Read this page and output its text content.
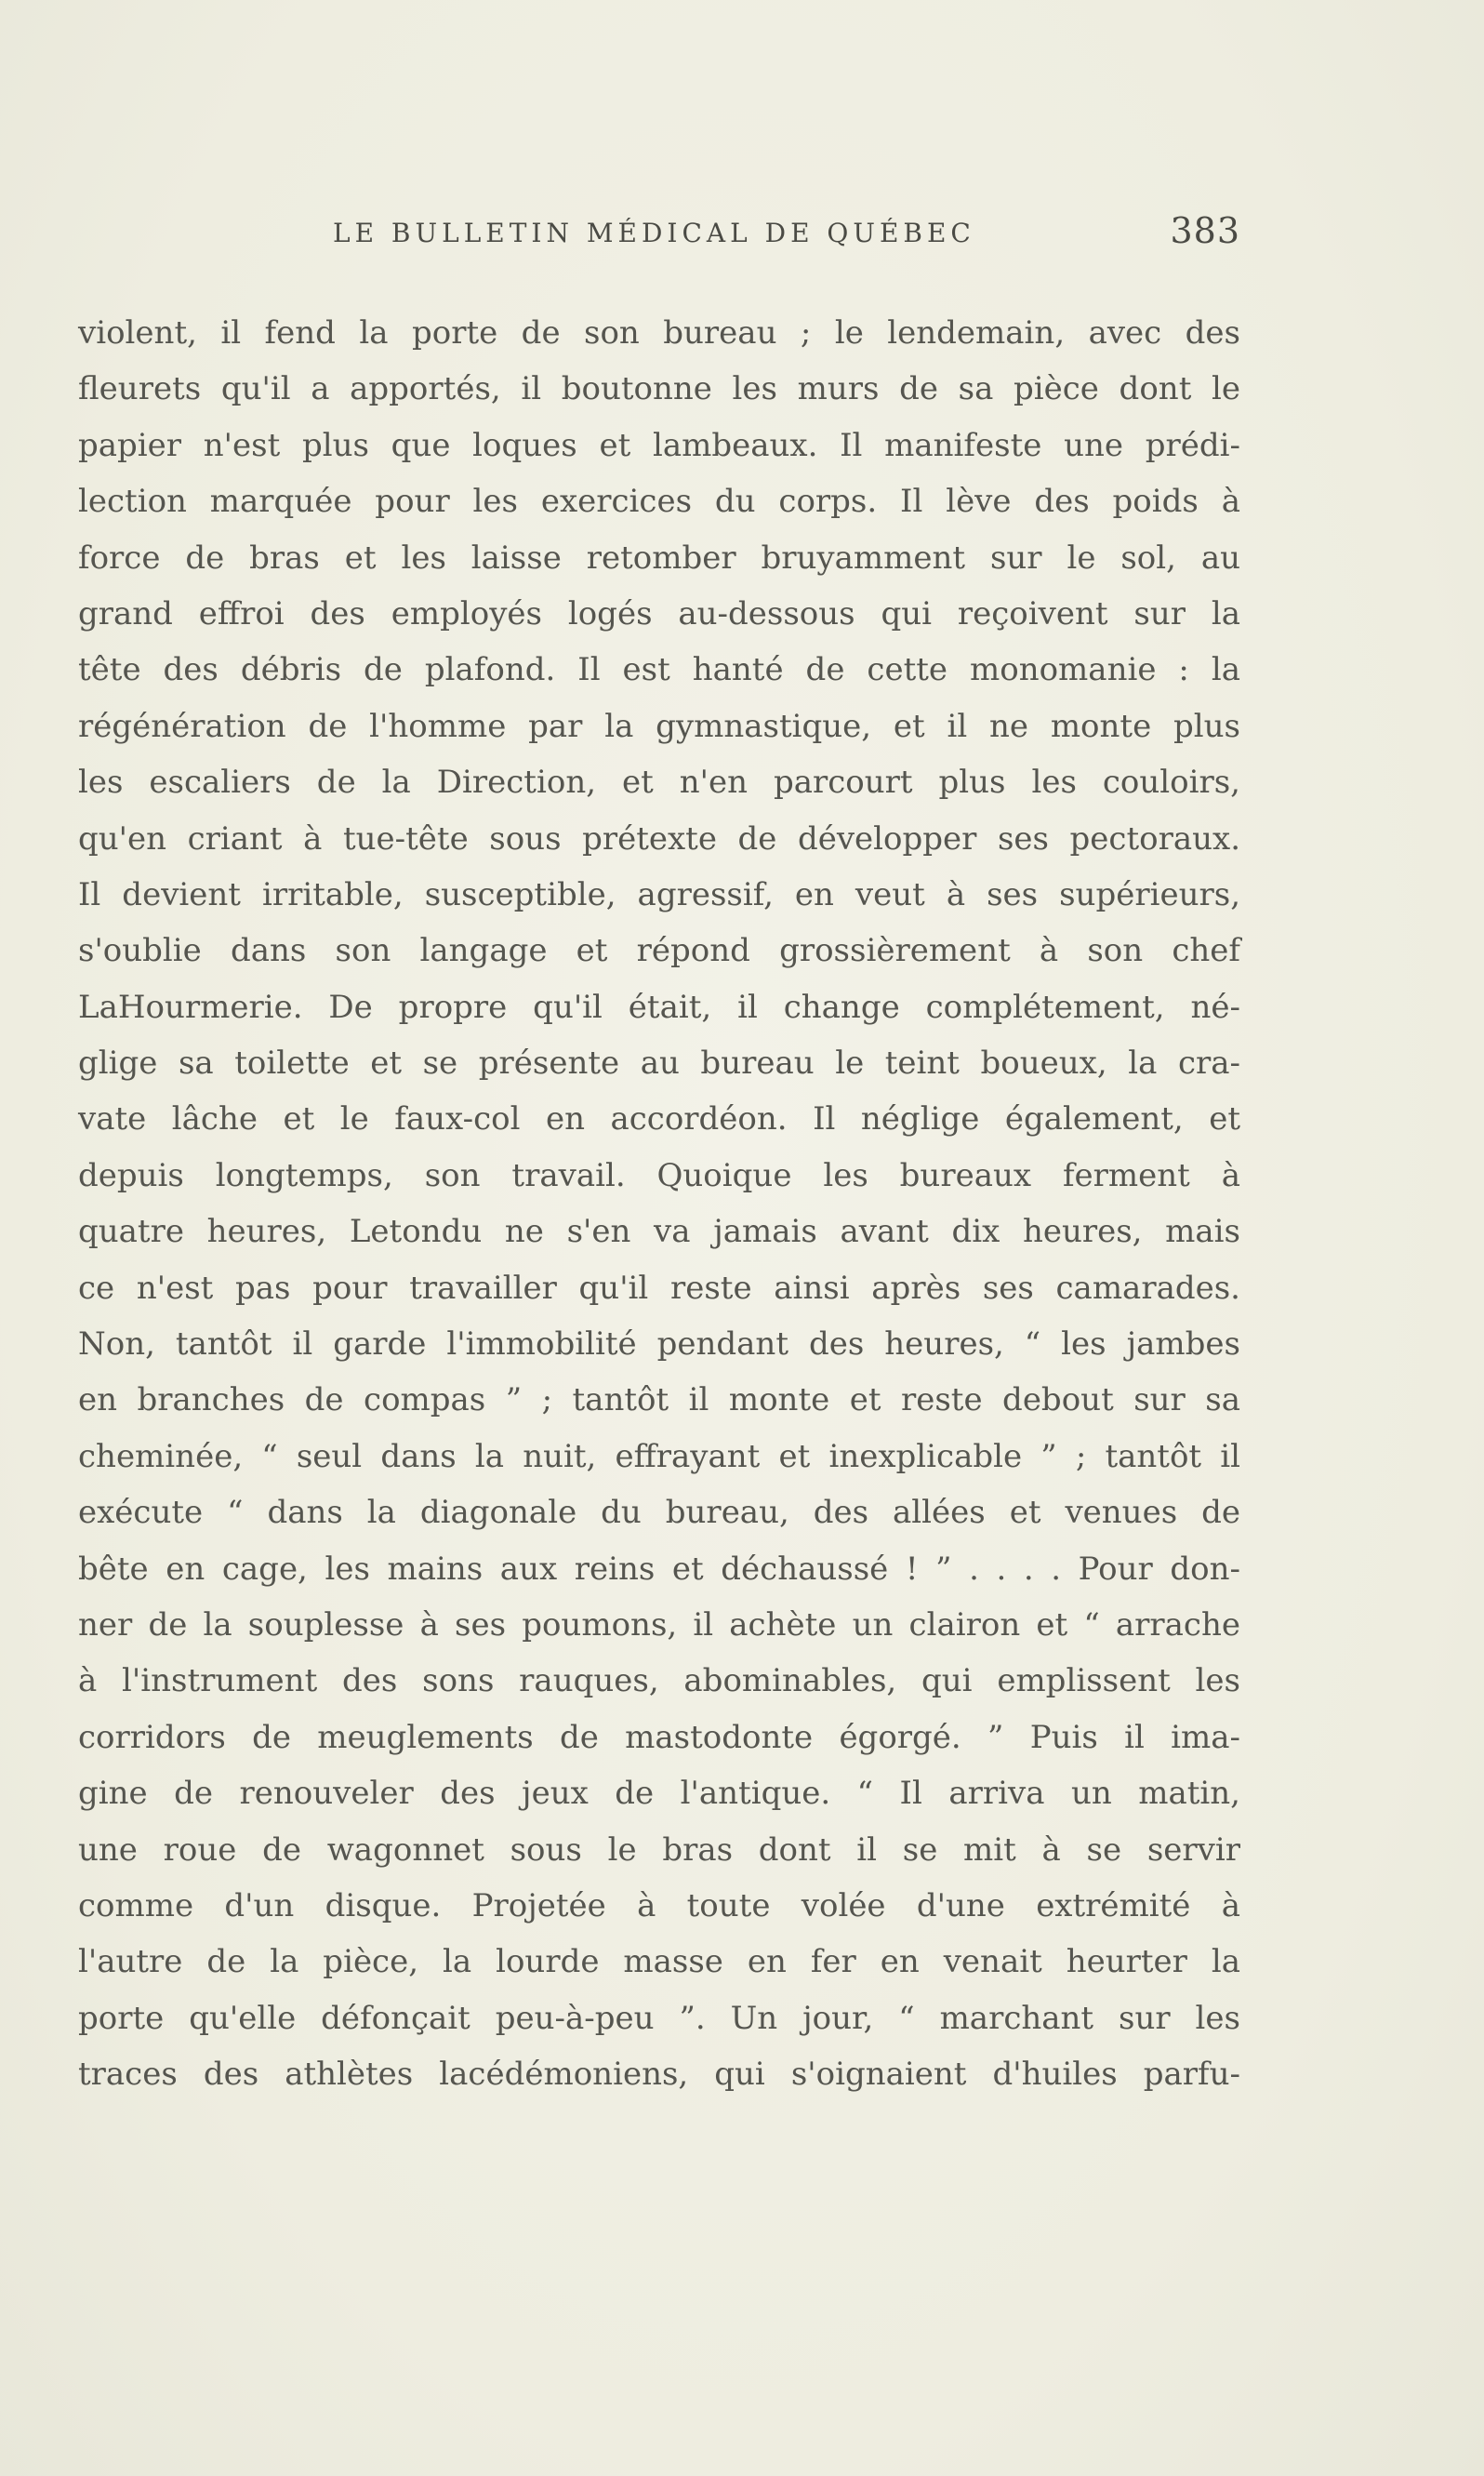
LE BULLETIN MÉDICAL DE QUÉBEC	383
violent, il fend la porte de son bureau ; le lendemain, avec des
fleurets qu'il a apportés, il boutonne les murs de sa pièce dont le
papier n'est plus que loques et lambeaux. Il manifeste une prédi-
lection marquée pour les exercices du corps. Il lève des poids à
force de bras et les laisse retomber bruyamment sur le sol, au
grand effroi des employés logés au-dessous qui reçoivent sur la
tête des débris de plafond. Il est hanté de cette monomanie : la
régénération de l'homme par la gymnastique, et il ne monte plus
les escaliers de la Direction, et n'en parcourt plus les couloirs,
qu'en criant à tue-tête sous prétexte de développer ses pectoraux.
Il devient irritable, susceptible, agressif, en veut à ses supérieurs,
s'oublie dans son langage et répond grossièrement à son chef
LaHourmerie. De propre qu'il était, il change complétement, né-
glige sa toilette et se présente au bureau le teint boueux, la cra-
vate lâche et le faux-col en accordéon. Il néglige également, et
depuis longtemps, son travail. Quoique les bureaux ferment à
quatre heures, Letondu ne s'en va jamais avant dix heures, mais
ce n'est pas pour travailler qu'il reste ainsi après ses camarades.
Non, tantôt il garde l'immobilité pendant des heures, “ les jambes
en branches de compas ” ; tantôt il monte et reste debout sur sa
cheminée, “ seul dans la nuit, effrayant et inexplicable ” ; tantôt il
exécute “ dans la diagonale du bureau, des allées et venues de
bête en cage, les mains aux reins et déchaussé ! ” . . . . Pour don-
ner de la souplesse à ses poumons, il achète un clairon et “ arrache
à l'instrument des sons rauques, abominables, qui emplissent les
corridors de meuglements de mastodonte égorgé. ” Puis il ima-
gine de renouveler des jeux de l'antique. “ Il arriva un matin,
une roue de wagonnet sous le bras dont il se mit à se servir
comme d'un disque. Projetée à toute volée d'une extrémité à
l'autre de la pièce, la lourde masse en fer en venait heurter la
porte qu'elle défonçait peu-à-peu ”. Un jour, “ marchant sur les
traces des athlètes lacédémoniens, qui s'oignaient d'huiles parfu-
